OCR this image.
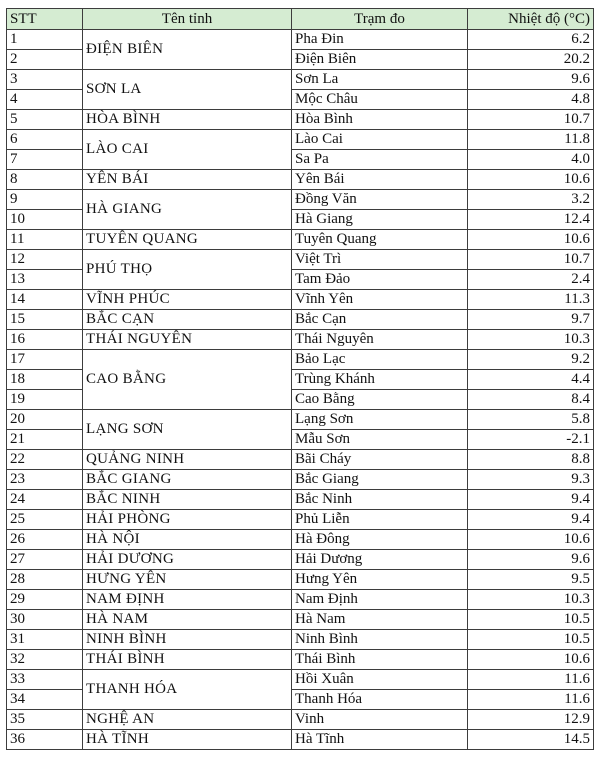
STT	Tên tỉnh	Trạm đo	Nhiệt độ (°C)
1	ĐIỆN BIÊN	Pha Đin	6.2
2		Điện Biên	20.2
3	SƠN LA	Sơn La	9.6
4		Mộc Châu	4.8
5	HÒA BÌNH	Hòa Bình	10.7
6	LÀO CAI	Lào Cai	11.8
7		Sa Pa	4.0
8	YÊN BÁI	Yên Bái	10.6
9	HÀ GIANG	Đồng Văn	3.2
10		Hà Giang	12.4
11	TUYÊN QUANG	Tuyên Quang	10.6
12	PHÚ THỌ	Việt Trì	10.7
13		Tam Đảo	2.4
14	VĨNH PHÚC	Vĩnh Yên	11.3
15	BẮC CẠN	Bắc Cạn	9.7
16	THÁI NGUYÊN	Thái Nguyên	10.3
17	CAO BẰNG	Bảo Lạc	9.2
18		Trùng Khánh	4.4
19		Cao Bằng	8.4
20	LẠNG SƠN	Lạng Sơn	5.8
21		Mẫu Sơn	-2.1
22	QUẢNG NINH	Bãi Cháy	8.8
23	BẮC GIANG	Bắc Giang	9.3
24	BẮC NINH	Bắc Ninh	9.4
25	HẢI PHÒNG	Phủ Liễn	9.4
26	HÀ NỘI	Hà Đông	10.6
27	HẢI DƯƠNG	Hải Dương	9.6
28	HƯNG YÊN	Hưng Yên	9.5
29	NAM ĐỊNH	Nam Định	10.3
30	HÀ NAM	Hà Nam	10.5
31	NINH BÌNH	Ninh Bình	10.5
32	THÁI BÌNH	Thái Bình	10.6
33	THANH HÓA	Hồi Xuân	11.6
34		Thanh Hóa	11.6
35	NGHỆ AN	Vinh	12.9
36	HÀ TĨNH	Hà Tĩnh	14.5
